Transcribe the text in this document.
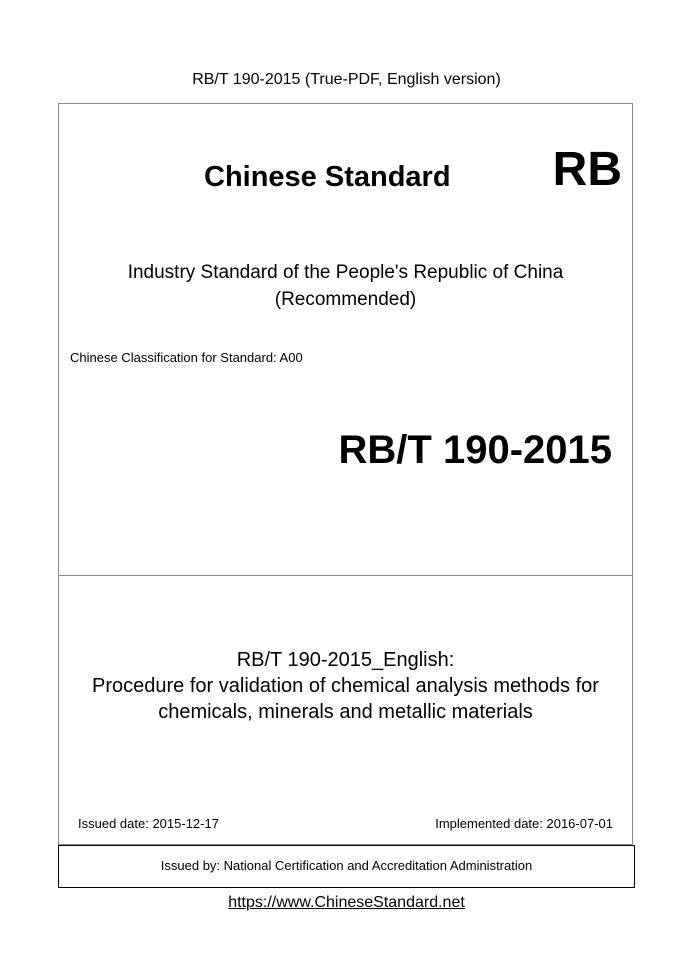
RB/T 190-2015 (True-PDF, English version)
Chinese Standard RB
Industry Standard of the People's Republic of China
(Recommended)
Chinese Classification for Standard: A00
RB/T 190-2015
RB/T 190-2015_English:
Procedure for validation of chemical analysis methods for
chemicals, minerals and metallic materials
Issued date: 2015-12-17	Implemented date: 2016-07-01
Issued by: National Certification and Accreditation Administration
https://www.ChineseStandard.net
